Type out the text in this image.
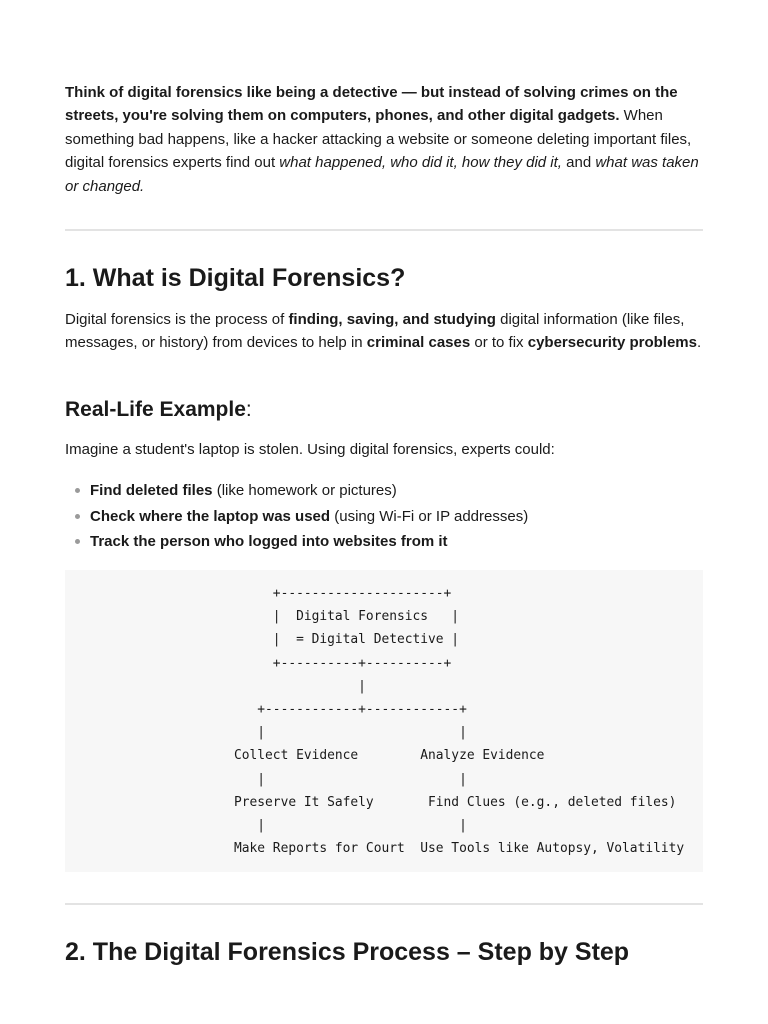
Think of digital forensics like being a detective — but instead of solving crimes on the streets, you're solving them on computers, phones, and other digital gadgets. When something bad happens, like a hacker attacking a website or someone deleting important files, digital forensics experts find out what happened, who did it, how they did it, and what was taken or changed.

1. What is Digital Forensics?

Digital forensics is the process of finding, saving, and studying digital information (like files, messages, or history) from devices to help in criminal cases or to fix cybersecurity problems.

Real-Life Example:

Imagine a student's laptop is stolen. Using digital forensics, experts could:

Find deleted files (like homework or pictures)
Check where the laptop was used (using Wi-Fi or IP addresses)
Track the person who logged into websites from it
+---------------------+
|  Digital Forensics   |
|  = Digital Detective |
+----------+----------+
|
+------------+------------+
|                         |
Collect Evidence        Analyze Evidence
|                         |
Preserve It Safely       Find Clues (e.g., deleted files)
|                         |
Make Reports for Court  Use Tools like Autopsy, Volatility
2. The Digital Forensics Process – Step by Step
